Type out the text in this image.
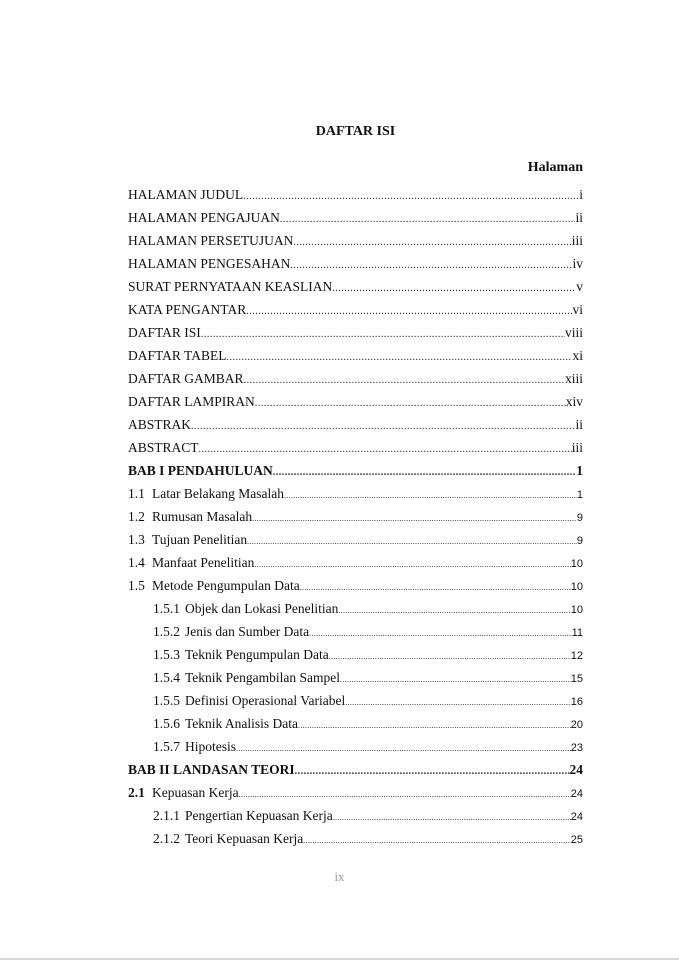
DAFTAR ISI
Halaman
HALAMAN JUDUL .....	i
HALAMAN PENGAJUAN .....	ii
HALAMAN PERSETUJUAN .....	iii
HALAMAN PENGESAHAN .....	iv
SURAT PERNYATAAN KEASLIAN .....	v
KATA PENGANTAR .....	vi
DAFTAR ISI .....	viii
DAFTAR TABEL .....	xi
DAFTAR GAMBAR .....	xiii
DAFTAR LAMPIRAN .....	xiv
ABSTRAK .....	ii
ABSTRACT .....	iii
BAB I PENDAHULUAN .....	1
1.1 Latar Belakang Masalah .....	1
1.2 Rumusan Masalah .....	9
1.3 Tujuan Penelitian .....	9
1.4 Manfaat Penelitian .....	10
1.5 Metode Pengumpulan Data .....	10
1.5.1 Objek dan Lokasi Penelitian .....	10
1.5.2 Jenis dan Sumber Data .....	11
1.5.3 Teknik Pengumpulan Data .....	12
1.5.4 Teknik Pengambilan Sampel .....	15
1.5.5 Definisi Operasional Variabel .....	16
1.5.6 Teknik Analisis Data .....	20
1.5.7 Hipotesis .....	23
BAB II LANDASAN TEORI .....	24
2.1 Kepuasan Kerja .....	24
2.1.1 Pengertian Kepuasan Kerja .....	24
2.1.2 Teori Kepuasan Kerja .....	25
ix
